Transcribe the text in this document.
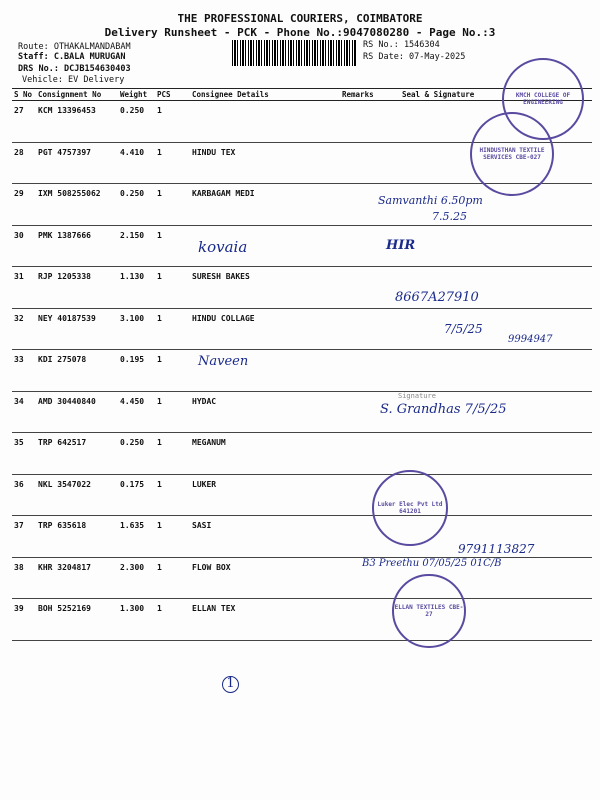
THE PROFESSIONAL COURIERS, COIMBATORE
Delivery Runsheet - PCK - Phone No.:9047080280 - Page No.:3
Route: OTHAKALMANDABAM
Staff: C.BALA MURUGAN
DRS No.: DCJB154630403
Vehicle: EV Delivery
RS No.: 1546304
RS Date: 07-May-2025
S No Consignment No	Weight PCS	Consignee Details	Remarks	Seal & Signature
27 KCM 13396453	0.250 1
28 PGT 4757397	4.410 1	HINDU TEX
29 IXM 508255062 0.250 1	KARBAGAM MEDI
30 PMK 1387666	2.150 1
31 RJP 1205338	1.130 1	SURESH BAKES
32 NEY 40187539	3.100 1	HINDU COLLAGE
33 KDI 275078	0.195 1
34 AMD 30440840	4.450 1	HYDAC
35 TRP 642517	0.250 1	MEGANUM
36 NKL 3547022	0.175 1	LUKER
37 TRP 635618	1.635 1	SASI
38 KHR 3204817	2.300 1	FLOW BOX
39 BOH 5252169	1.300 1	ELLAN TEX
kovaia
Naveen
HIR
Samvanthi 6.50pm
7.5.25
8667A27910
7/5/25
9994947
Signature
S. Grandhas 7/5/25
9791113827
B3 Preethu 07/05/25 01C/B
1
KMCH COLLEGE OF ENGINEERING
HINDUSTHAN TEXTILE SERVICES CBE-027
Luker Elec Pvt Ltd 641201
ELLAN TEXTILES CBE-27
